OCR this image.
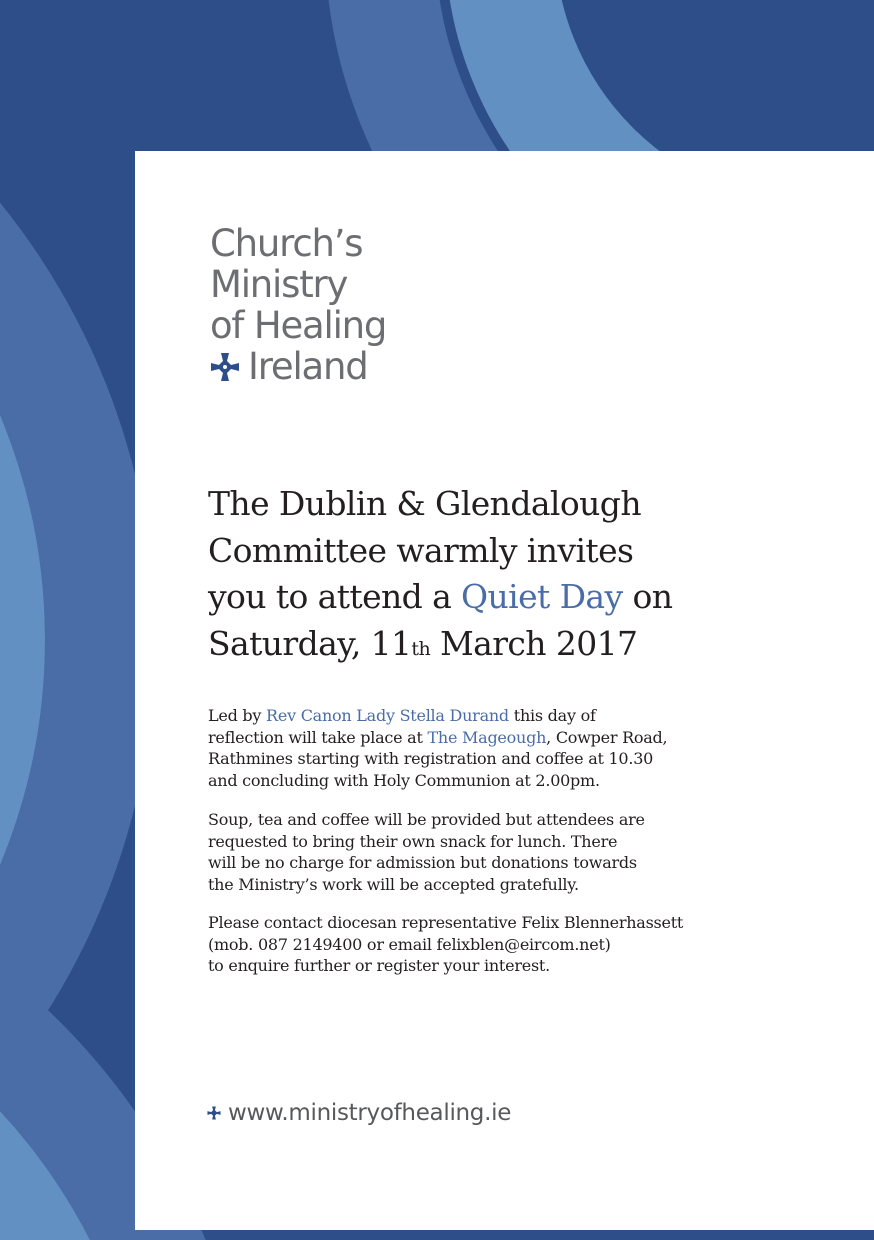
Church’s
Ministry
of Healing
Ireland
The Dublin & Glendalough
Committee warmly invites
you to attend a Quiet Day on
Saturday, 11th March 2017
Led by Rev Canon Lady Stella Durand this day of
reflection will take place at The Mageough, Cowper Road,
Rathmines starting with registration and coffee at 10.30
and concluding with Holy Communion at 2.00pm.
Soup, tea and coffee will be provided but attendees are
requested to bring their own snack for lunch. There
will be no charge for admission but donations towards
the Ministry’s work will be accepted gratefully.
Please contact diocesan representative Felix Blennerhassett
(mob. 087 2149400 or email felixblen@eircom.net)
to enquire further or register your interest.
www.ministryofhealing.ie
